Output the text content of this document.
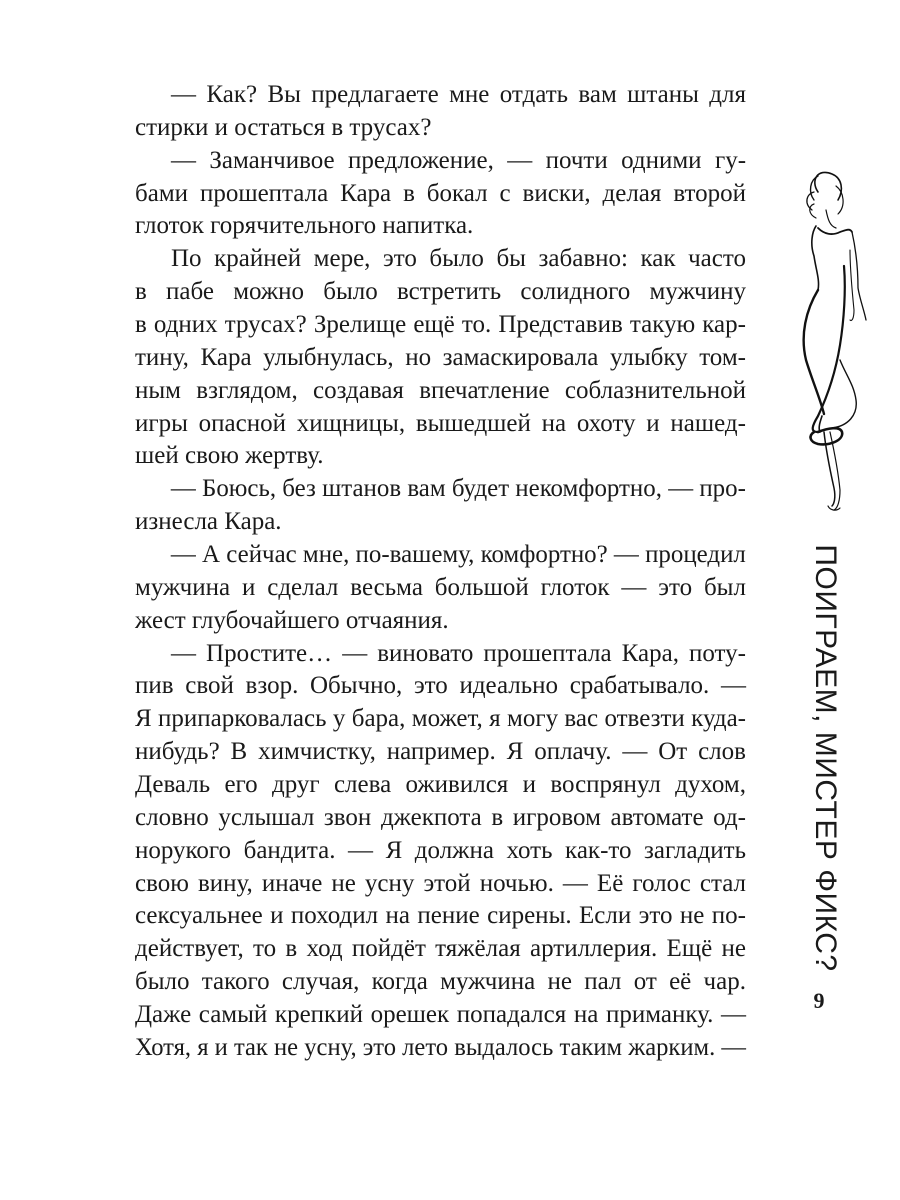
— Как? Вы предлагаете мне отдать вам штаны для
стирки и остаться в трусах?
— Заманчивое предложение, — почти одними гу-
бами прошептала Кара в бокал с виски, делая второй
глоток горячительного напитка.
По крайней мере, это было бы забавно: как часто
в пабе можно было встретить солидного мужчину
в одних трусах? Зрелище ещё то. Представив такую кар-
тину, Кара улыбнулась, но замаскировала улыбку том-
ным взглядом, создавая впечатление соблазнительной
игры опасной хищницы, вышедшей на охоту и нашед-
шей свою жертву.
— Боюсь, без штанов вам будет некомфортно, — про-
изнесла Кара.
— А сейчас мне, по-вашему, комфортно? — процедил
мужчина и сделал весьма большой глоток — это был
жест глубочайшего отчаяния.
— Простите… — виновато прошептала Кара, поту-
пив свой взор. Обычно, это идеально срабатывало. —
Я припарковалась у бара, может, я могу вас отвезти куда-
нибудь? В химчистку, например. Я оплачу. — От слов
Деваль его друг слева оживился и воспрянул духом,
словно услышал звон джекпота в игровом автомате од-
норукого бандита. — Я должна хоть как-то загладить
свою вину, иначе не усну этой ночью. — Её голос стал
сексуальнее и походил на пение сирены. Если это не по-
действует, то в ход пойдёт тяжёлая артиллерия. Ещё не
было такого случая, когда мужчина не пал от её чар.
Даже самый крепкий орешек попадался на приманку. —
Хотя, я и так не усну, это лето выдалось таким жарким. —
ПОИГРАЕМ, МИСТЕР ФИКС?
9
